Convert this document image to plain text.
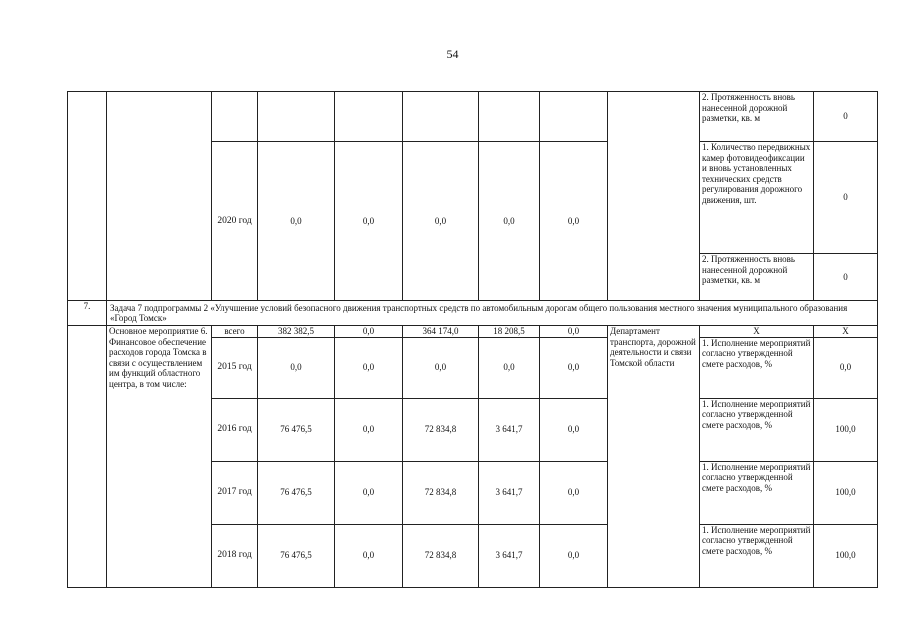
54
									2. Протяженность вновь нанесенной дорожной разметки, кв. м	0
		2020 год	0,0	0,0	0,0	0,0	0,0		1. Количество передвижных камер фотовидеофиксации и вновь установленных технических средств регулирования дорожного движения, шт.	0
									2. Протяженность вновь нанесенной дорожной разметки, кв. м	0
7.	Задача 7 подпрограммы 2 «Улучшение условий безопасного движения транспортных средств по автомобильным дорогам общего пользования местного значения муниципального образования «Город Томск»									
	Основное мероприятие 6. Финансовое обеспечение расходов города Томска в связи с осуществлением им функций областного центра, в том числе:	всего	382 382,5	0,0	364 174,0	18 208,5	0,0	Департамент транспорта, дорожной деятельности и связи Томской области	Х	Х
		2015 год	0,0	0,0	0,0	0,0	0,0		1. Исполнение мероприятий согласно утвержденной смете расходов, %	0,0
		2016 год	76 476,5	0,0	72 834,8	3 641,7	0,0		1. Исполнение мероприятий согласно утвержденной смете расходов, %	100,0
		2017 год	76 476,5	0,0	72 834,8	3 641,7	0,0		1. Исполнение мероприятий согласно утвержденной смете расходов, %	100,0
		2018 год	76 476,5	0,0	72 834,8	3 641,7	0,0		1. Исполнение мероприятий согласно утвержденной смете расходов, %	100,0
